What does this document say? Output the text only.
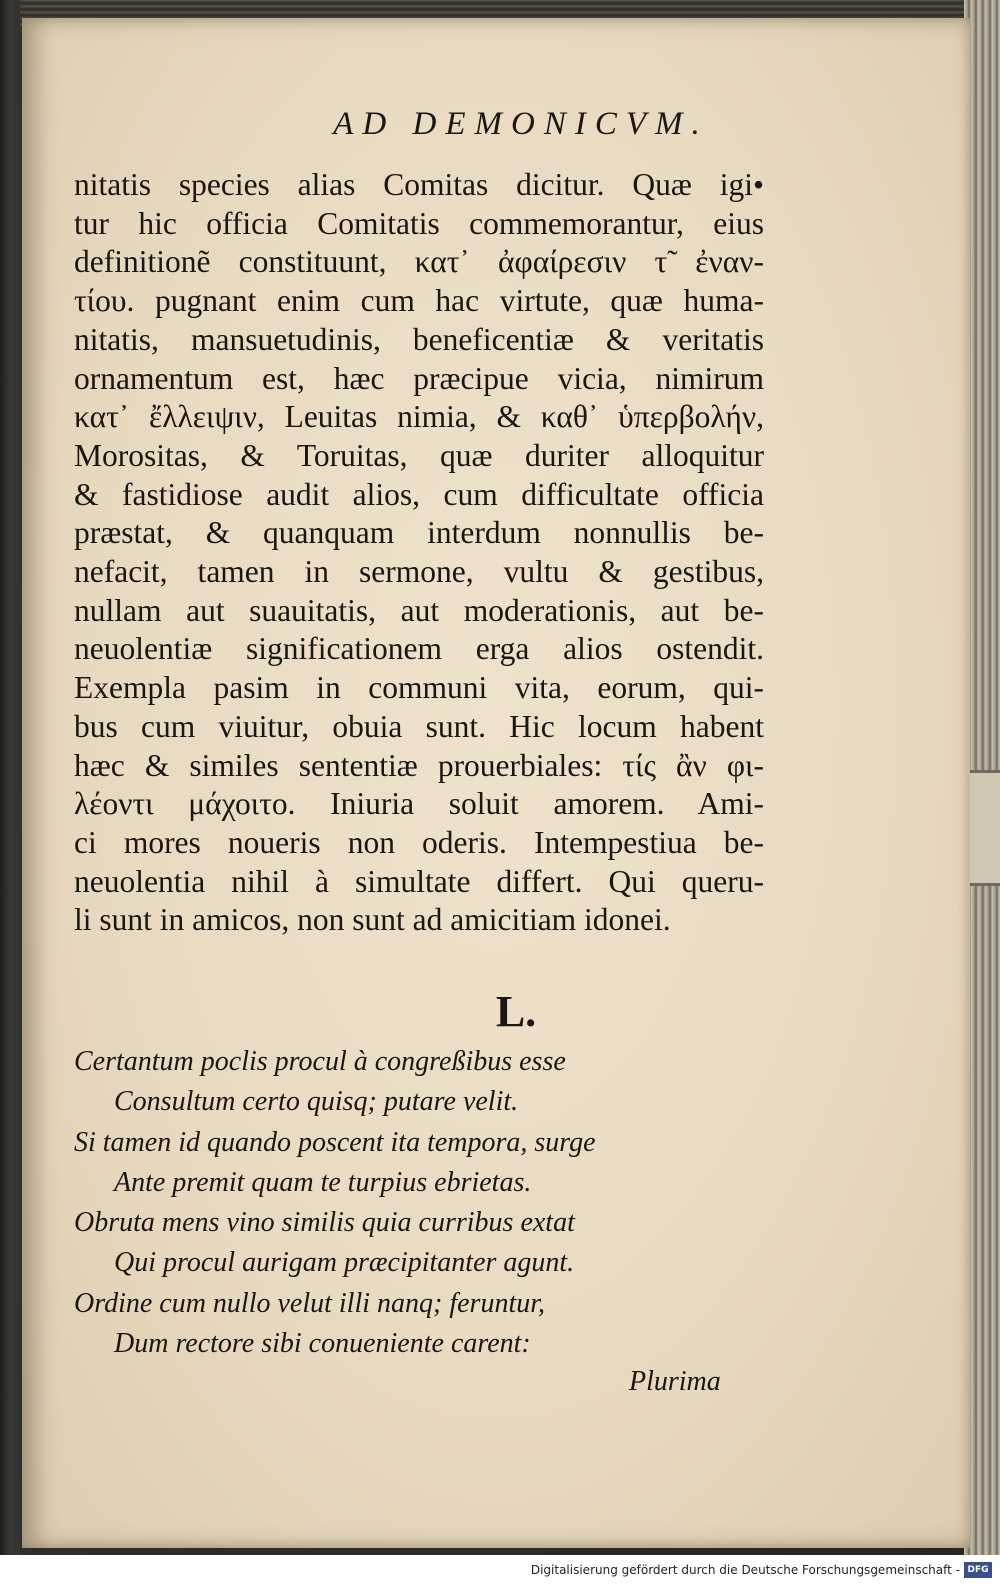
AD DEMONICVM.
nitatis species alias Comitas dicitur. Quæ igi•
tur hic officia Comitatis commemorantur, eius
definitionẽ constituunt, κατ᾽ ἀφαίρεσιν τ̃ ἐναν-
τίου. pugnant enim cum hac virtute, quæ huma-
nitatis, mansuetudinis, beneficentiæ & veritatis
ornamentum est, hæc præcipue vicia, nimirum
κατ᾽ ἔλλειψιν, Leuitas nimia, & καθ᾽ ὑπερβολήν,
Morositas, & Toruitas, quæ duriter alloquitur
& fastidiose audit alios, cum difficultate officia
præstat, & quanquam interdum nonnullis be-
nefacit, tamen in sermone, vultu & gestibus,
nullam aut suauitatis, aut moderationis, aut be-
neuolentiæ significationem erga alios ostendit.
Exempla pasim in communi vita, eorum, qui-
bus cum viuitur, obuia sunt. Hic locum habent
hæc & similes sententiæ prouerbiales: τίς ἂν φι-
λέοντι μάχοιτο. Iniuria soluit amorem. Ami-
ci mores noueris non oderis. Intempestiua be-
neuolentia nihil à simultate differt. Qui queru-
li sunt in amicos, non sunt ad amicitiam idonei.
L.
Certantum poclis procul à congreßibus esse
Consultum certo quisq; putare velit.
Si tamen id quando poscent ita tempora, surge
Ante premit quam te turpius ebrietas.
Obruta mens vino similis quia curribus extat
Qui procul aurigam præcipitanter agunt.
Ordine cum nullo velut illi nanq; feruntur,
Dum rectore sibi conueniente carent:
Plurima
Digitalisierung gefördert durch die Deutsche Forschungsgemeinschaft - DFG
